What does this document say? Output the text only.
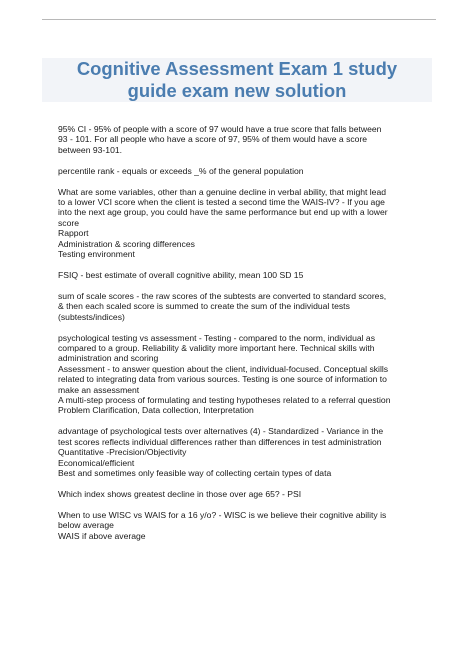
Cognitive Assessment Exam 1 study
guide exam new solution
95% CI - 95% of people with a score of 97 would have a true score that falls between
93 - 101. For all people who have a score of 97, 95% of them would have a score
between 93-101.
percentile rank - equals or exceeds _% of the general population
What are some variables, other than a genuine decline in verbal ability, that might lead
to a lower VCI score when the client is tested a second time the WAIS-IV? - If you age
into the next age group, you could have the same performance but end up with a lower
score
Rapport
Administration & scoring differences
Testing environment
FSIQ - best estimate of overall cognitive ability, mean 100 SD 15
sum of scale scores - the raw scores of the subtests are converted to standard scores,
& then each scaled score is summed to create the sum of the individual tests
(subtests/indices)
psychological testing vs assessment - Testing - compared to the norm, individual as
compared to a group. Reliability & validity more important here. Technical skills with
administration and scoring
Assessment - to answer question about the client, individual-focused. Conceptual skills
related to integrating data from various sources. Testing is one source of information to
make an assessment
A multi-step process of formulating and testing hypotheses related to a referral question
Problem Clarification, Data collection, Interpretation
advantage of psychological tests over alternatives (4) - Standardized - Variance in the
test scores reflects individual differences rather than differences in test administration
Quantitative -Precision/Objectivity
Economical/efficient
Best and sometimes only feasible way of collecting certain types of data
Which index shows greatest decline in those over age 65? - PSI
When to use WISC vs WAIS for a 16 y/o? - WISC is we believe their cognitive ability is
below average
WAIS if above average
